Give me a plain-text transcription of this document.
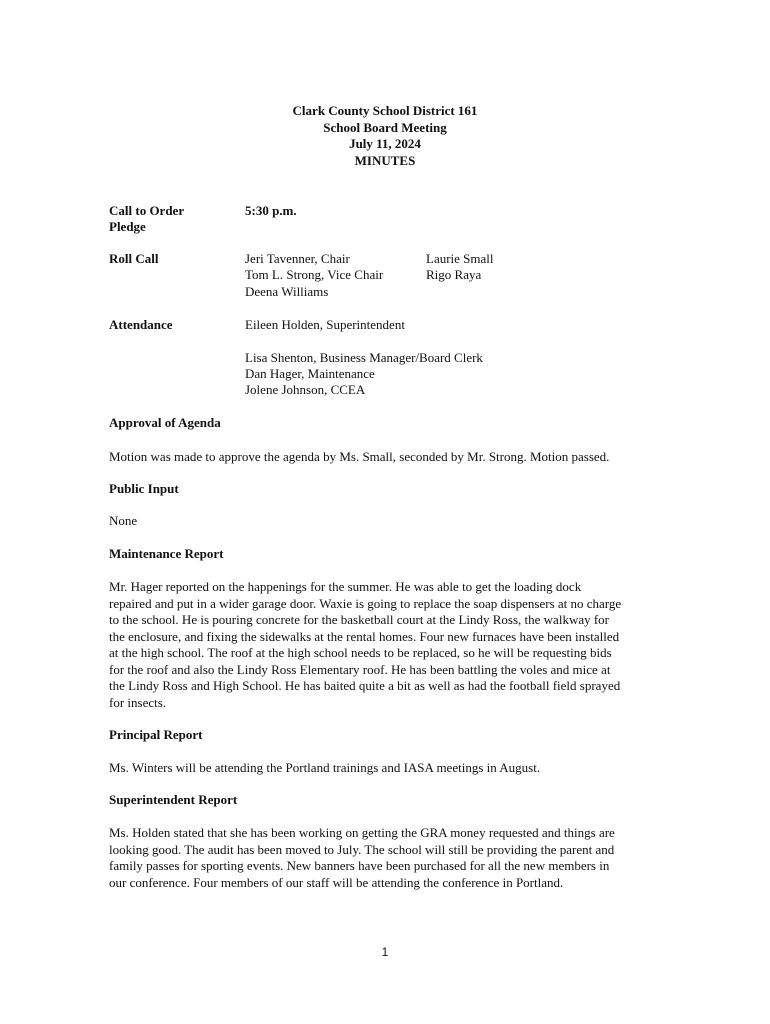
Clark County School District 161
School Board Meeting
July 11, 2024
MINUTES
Call to Order	5:30 p.m.
Pledge
Roll Call	Jeri Tavenner, Chair
Tom L. Strong, Vice Chair
Deena Williams
Laurie Small
Rigo Raya
Attendance	Eileen Holden, Superintendent
Lisa Shenton, Business Manager/Board Clerk
Dan Hager, Maintenance
Jolene Johnson, CCEA
Approval of Agenda
Motion was made to approve the agenda by Ms. Small, seconded by Mr. Strong. Motion passed.
Public Input
None
Maintenance Report
Mr. Hager reported on the happenings for the summer. He was able to get the loading dock
repaired and put in a wider garage door. Waxie is going to replace the soap dispensers at no charge
to the school. He is pouring concrete for the basketball court at the Lindy Ross, the walkway for
the enclosure, and fixing the sidewalks at the rental homes. Four new furnaces have been installed
at the high school. The roof at the high school needs to be replaced, so he will be requesting bids
for the roof and also the Lindy Ross Elementary roof. He has been battling the voles and mice at
the Lindy Ross and High School. He has baited quite a bit as well as had the football field sprayed
for insects.
Principal Report
Ms. Winters will be attending the Portland trainings and IASA meetings in August.
Superintendent Report
Ms. Holden stated that she has been working on getting the GRA money requested and things are
looking good. The audit has been moved to July. The school will still be providing the parent and
family passes for sporting events. New banners have been purchased for all the new members in
our conference. Four members of our staff will be attending the conference in Portland.
1
